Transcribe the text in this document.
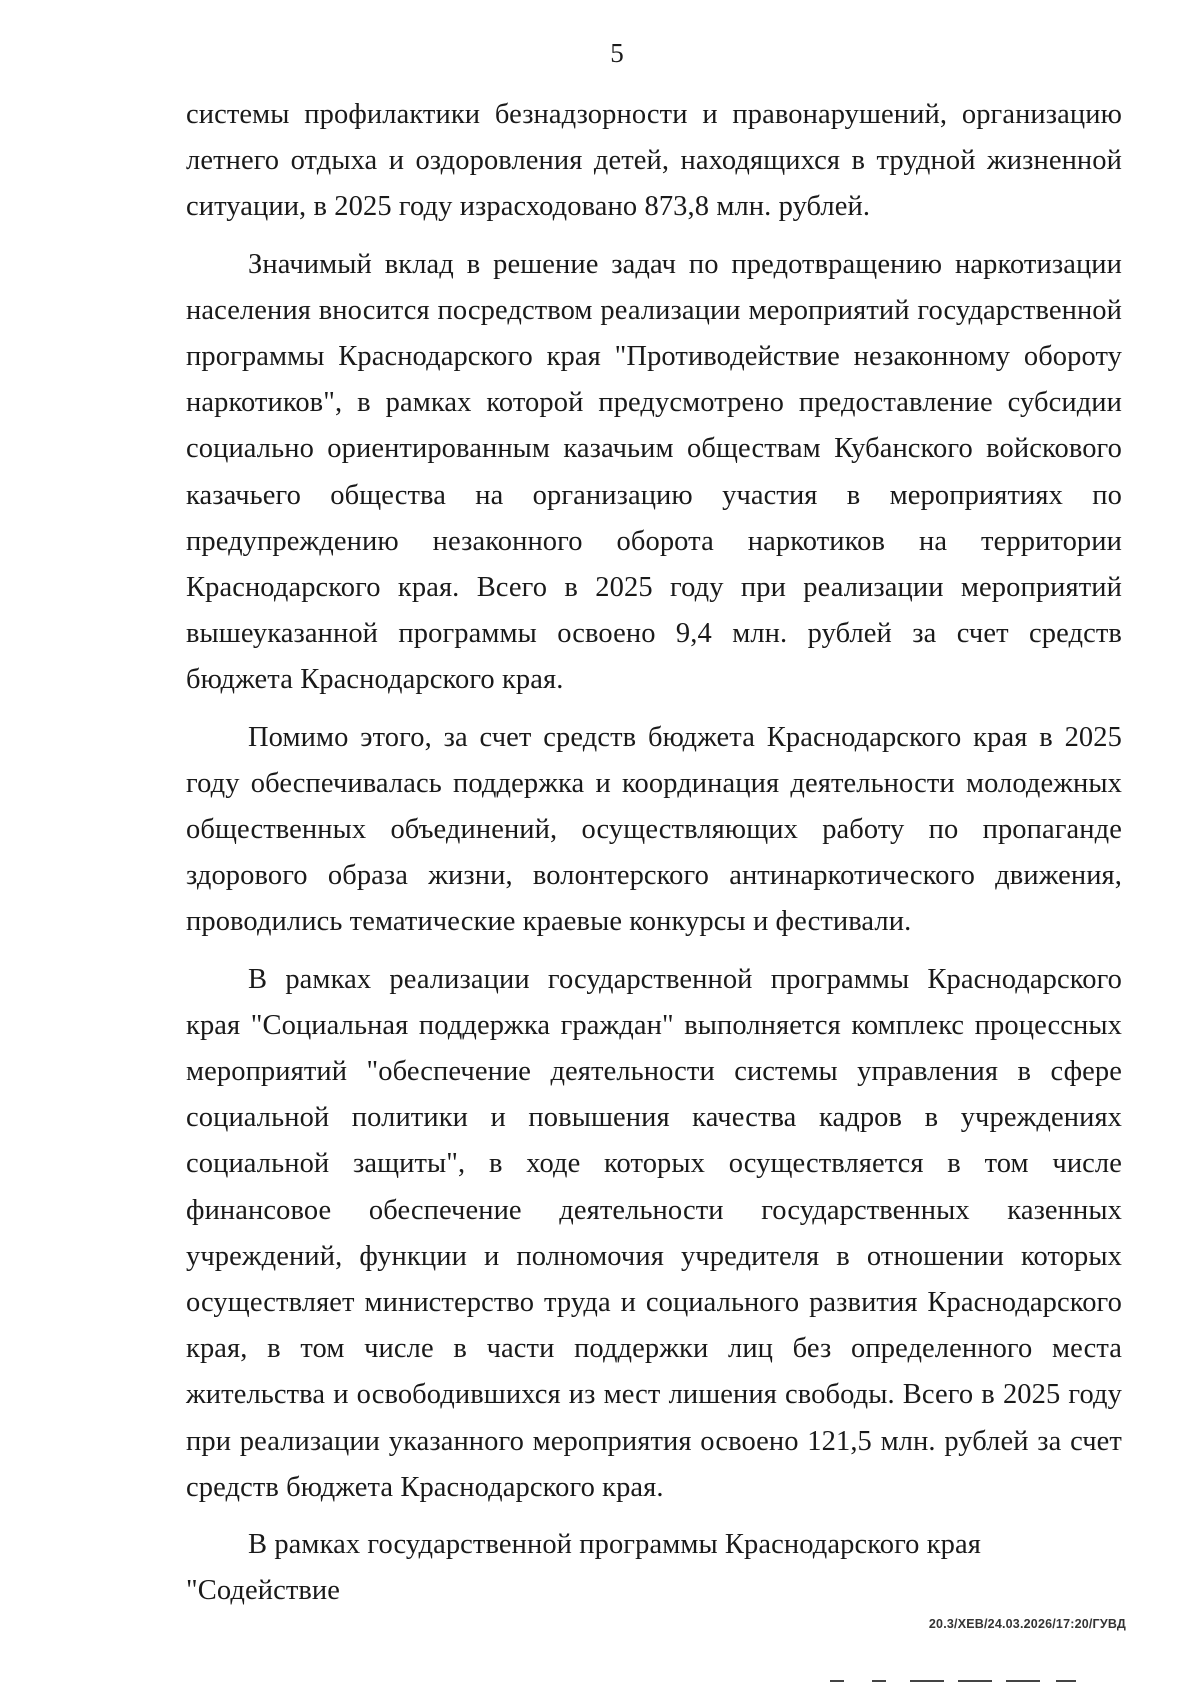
5

системы профилактики безнадзорности и правонарушений, организацию летнего отдыха и оздоровления детей, находящихся в трудной жизненной ситуации, в 2025 году израсходовано 873,8 млн. рублей.

Значимый вклад в решение задач по предотвращению наркотизации населения вносится посредством реализации мероприятий государственной программы Краснодарского края "Противодействие незаконному обороту наркотиков", в рамках которой предусмотрено предоставление субсидии социально ориентированным казачьим обществам Кубанского войскового казачьего общества на организацию участия в мероприятиях по предупреждению незаконного оборота наркотиков на территории Краснодарского края. Всего в 2025 году при реализации мероприятий вышеуказанной программы освоено 9,4 млн. рублей за счет средств бюджета Краснодарского края.

Помимо этого, за счет средств бюджета Краснодарского края в 2025 году обеспечивалась поддержка и координация деятельности молодежных общественных объединений, осуществляющих работу по пропаганде здорового образа жизни, волонтерского антинаркотического движения, проводились тематические краевые конкурсы и фестивали.

В рамках реализации государственной программы Краснодарского края "Социальная поддержка граждан" выполняется комплекс процессных мероприятий "обеспечение деятельности системы управления в сфере социальной политики и повышения качества кадров в учреждениях социальной защиты", в ходе которых осуществляется в том числе финансовое обеспечение деятельности государственных казенных учреждений, функции и полномочия учредителя в отношении которых осуществляет министерство труда и социального развития Краснодарского края, в том числе в части поддержки лиц без определенного места жительства и освободившихся из мест лишения свободы. Всего в 2025 году при реализации указанного мероприятия освоено 121,5 млн. рублей за счет средств бюджета Краснодарского края.

В рамках государственной программы Краснодарского края "Содействие

20.3/ХЕВ/24.03.2026/17:20/ГУВД
